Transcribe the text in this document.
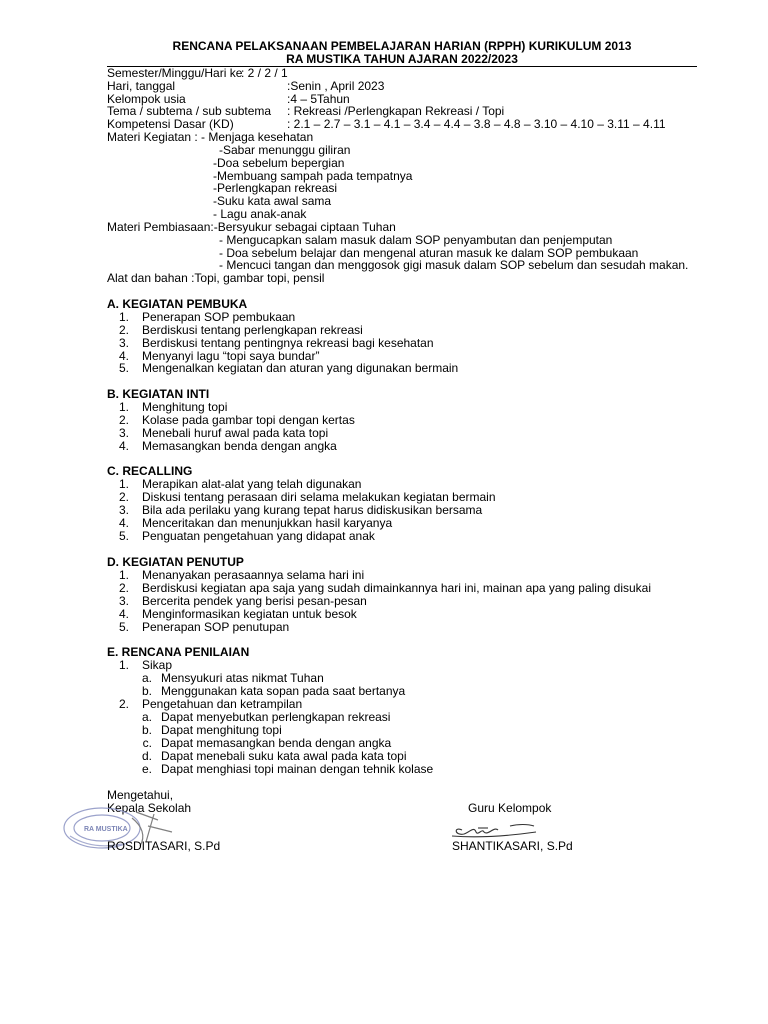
RENCANA PELAKSANAAN PEMBELAJARAN HARIAN (RPPH) KURIKULUM 2013
RA MUSTIKA TAHUN AJARAN 2022/2023
Semester/Minggu/Hari ke
: 2 / 2 / 1
Hari, tanggal	:Senin , April 2023
Kelompok usia	:4 – 5Tahun
Tema / subtema / sub subtema : Rekreasi /Perlengkapan Rekreasi / Topi
Kompetensi Dasar (KD)	: 2.1 – 2.7 – 3.1 – 4.1 – 3.4 – 4.4 – 3.8 – 4.8 – 3.10 – 4.10 – 3.11 – 4.11
Materi Kegiatan : - Menjaga kesehatan
-Sabar menunggu giliran
-Doa sebelum bepergian
-Membuang sampah pada tempatnya
-Perlengkapan rekreasi
-Suku kata awal sama
- Lagu anak-anak
Materi Pembiasaan:-Bersyukur sebagai ciptaan Tuhan
- Mengucapkan salam masuk dalam SOP penyambutan dan penjemputan
- Doa sebelum belajar dan mengenal aturan masuk ke dalam SOP pembukaan
- Mencuci tangan dan menggosok gigi masuk dalam SOP sebelum dan sesudah makan.
Alat dan bahan :Topi, gambar topi, pensil
A. KEGIATAN PEMBUKA
1. Penerapan SOP pembukaan
2. Berdiskusi tentang perlengkapan rekreasi
3. Berdiskusi tentang pentingnya rekreasi bagi kesehatan
4. Menyanyi lagu “topi saya bundar”
5. Mengenalkan kegiatan dan aturan yang digunakan bermain
B. KEGIATAN INTI
1. Menghitung topi
2. Kolase pada gambar topi dengan kertas
3. Menebali huruf awal pada kata topi
4. Memasangkan benda dengan angka
C. RECALLING
1. Merapikan alat-alat yang telah digunakan
2. Diskusi tentang perasaan diri selama melakukan kegiatan bermain
3. Bila ada perilaku yang kurang tepat harus didiskusikan bersama
4. Menceritakan dan menunjukkan hasil karyanya
5. Penguatan pengetahuan yang didapat anak
D. KEGIATAN PENUTUP
1. Menanyakan perasaannya selama hari ini
2. Berdiskusi kegiatan apa saja yang sudah dimainkannya hari ini, mainan apa yang paling disukai
3. Bercerita pendek yang berisi pesan-pesan
4. Menginformasikan kegiatan untuk besok
5. Penerapan SOP penutupan
E. RENCANA PENILAIAN
1. Sikap
a. Mensyukuri atas nikmat Tuhan
b. Menggunakan kata sopan pada saat bertanya
2. Pengetahuan dan ketrampilan
a. Dapat menyebutkan perlengkapan rekreasi
b. Dapat menghitung topi
c. Dapat memasangkan benda dengan angka
d. Dapat menebali suku kata awal pada kata topi
e. Dapat menghiasi topi mainan dengan tehnik kolase
Mengetahui,
Kepala Sekolah	Guru Kelompok
RA MUSTIKA
ROSDITASARI, S.Pd	SHANTIKASARI, S.Pd
